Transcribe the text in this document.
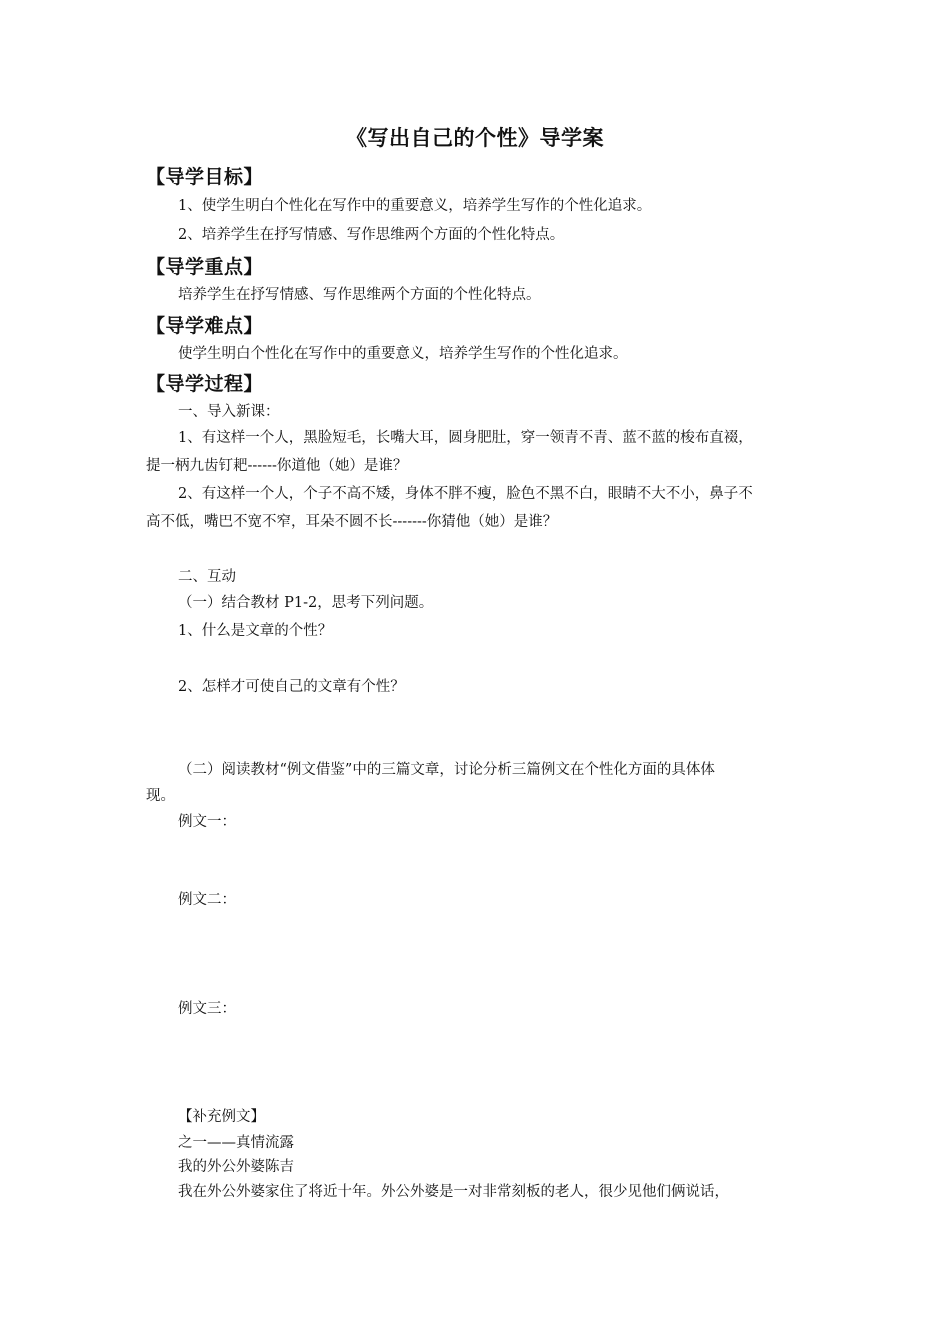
《写出自己的个性》导学案
【导学目标】
1、使学生明白个性化在写作中的重要意义，培养学生写作的个性化追求。
2、培养学生在抒写情感、写作思维两个方面的个性化特点。
【导学重点】
培养学生在抒写情感、写作思维两个方面的个性化特点。
【导学难点】
使学生明白个性化在写作中的重要意义，培养学生写作的个性化追求。
【导学过程】
一、导入新课：
1、有这样一个人，黑脸短毛，长嘴大耳，圆身肥肚，穿一领青不青、蓝不蓝的梭布直裰，
提一柄九齿钉耙------你道他（她）是谁？
2、有这样一个人，个子不高不矮，身体不胖不瘦，脸色不黑不白，眼睛不大不小，鼻子不
高不低，嘴巴不宽不窄，耳朵不圆不长-------你猜他（她）是谁？
二、互动
（一）结合教材 P1-2，思考下列问题。
1、什么是文章的个性？
2、怎样才可使自己的文章有个性？
（二）阅读教材“例文借鉴”中的三篇文章，讨论分析三篇例文在个性化方面的具体体
现。
例文一：
例文二：
例文三：
【补充例文】
之一——真情流露
我的外公外婆陈吉
我在外公外婆家住了将近十年。外公外婆是一对非常刻板的老人，很少见他们俩说话，
